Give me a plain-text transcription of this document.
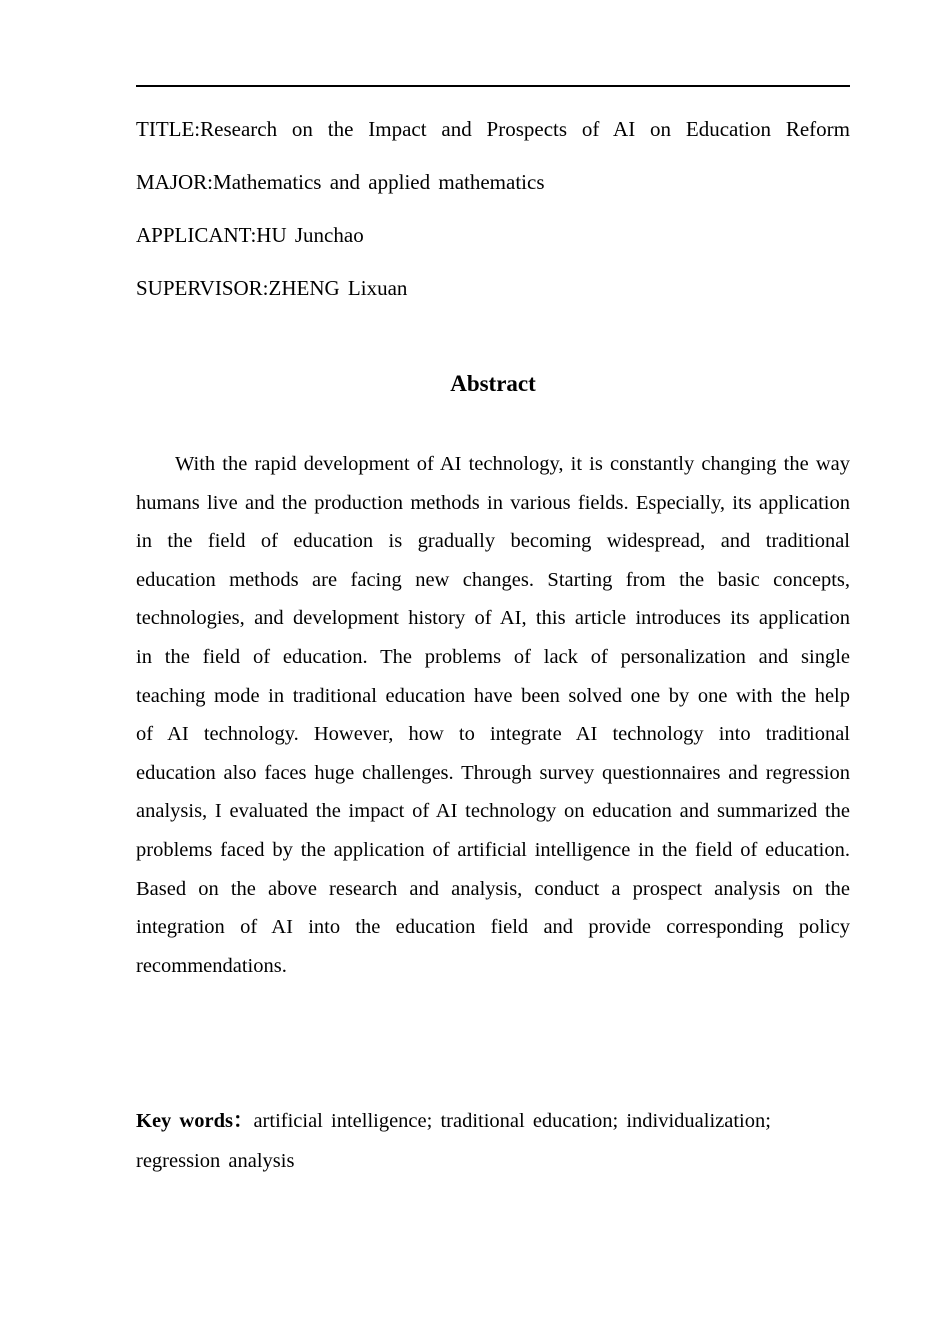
TITLE:Research on the Impact and Prospects of AI on Education Reform
MAJOR:Mathematics and applied mathematics
APPLICANT:HU Junchao
SUPERVISOR:ZHENG Lixuan
Abstract

With the rapid development of AI technology, it is constantly changing the way humans live and the production methods in various fields. Especially, its application in the field of education is gradually becoming widespread, and traditional education methods are facing new changes. Starting from the basic concepts, technologies, and development history of AI, this article introduces its application in the field of education. The problems of lack of personalization and single teaching mode in traditional education have been solved one by one with the help of AI technology. However, how to integrate AI technology into traditional education also faces huge challenges. Through survey questionnaires and regression analysis, I evaluated the impact of AI technology on education and summarized the problems faced by the application of artificial intelligence in the field of education. Based on the above research and analysis, conduct a prospect analysis on the integration of AI into the education field and provide corresponding policy recommendations.

Key words：artificial intelligence; traditional education; individualization; regression analysis
